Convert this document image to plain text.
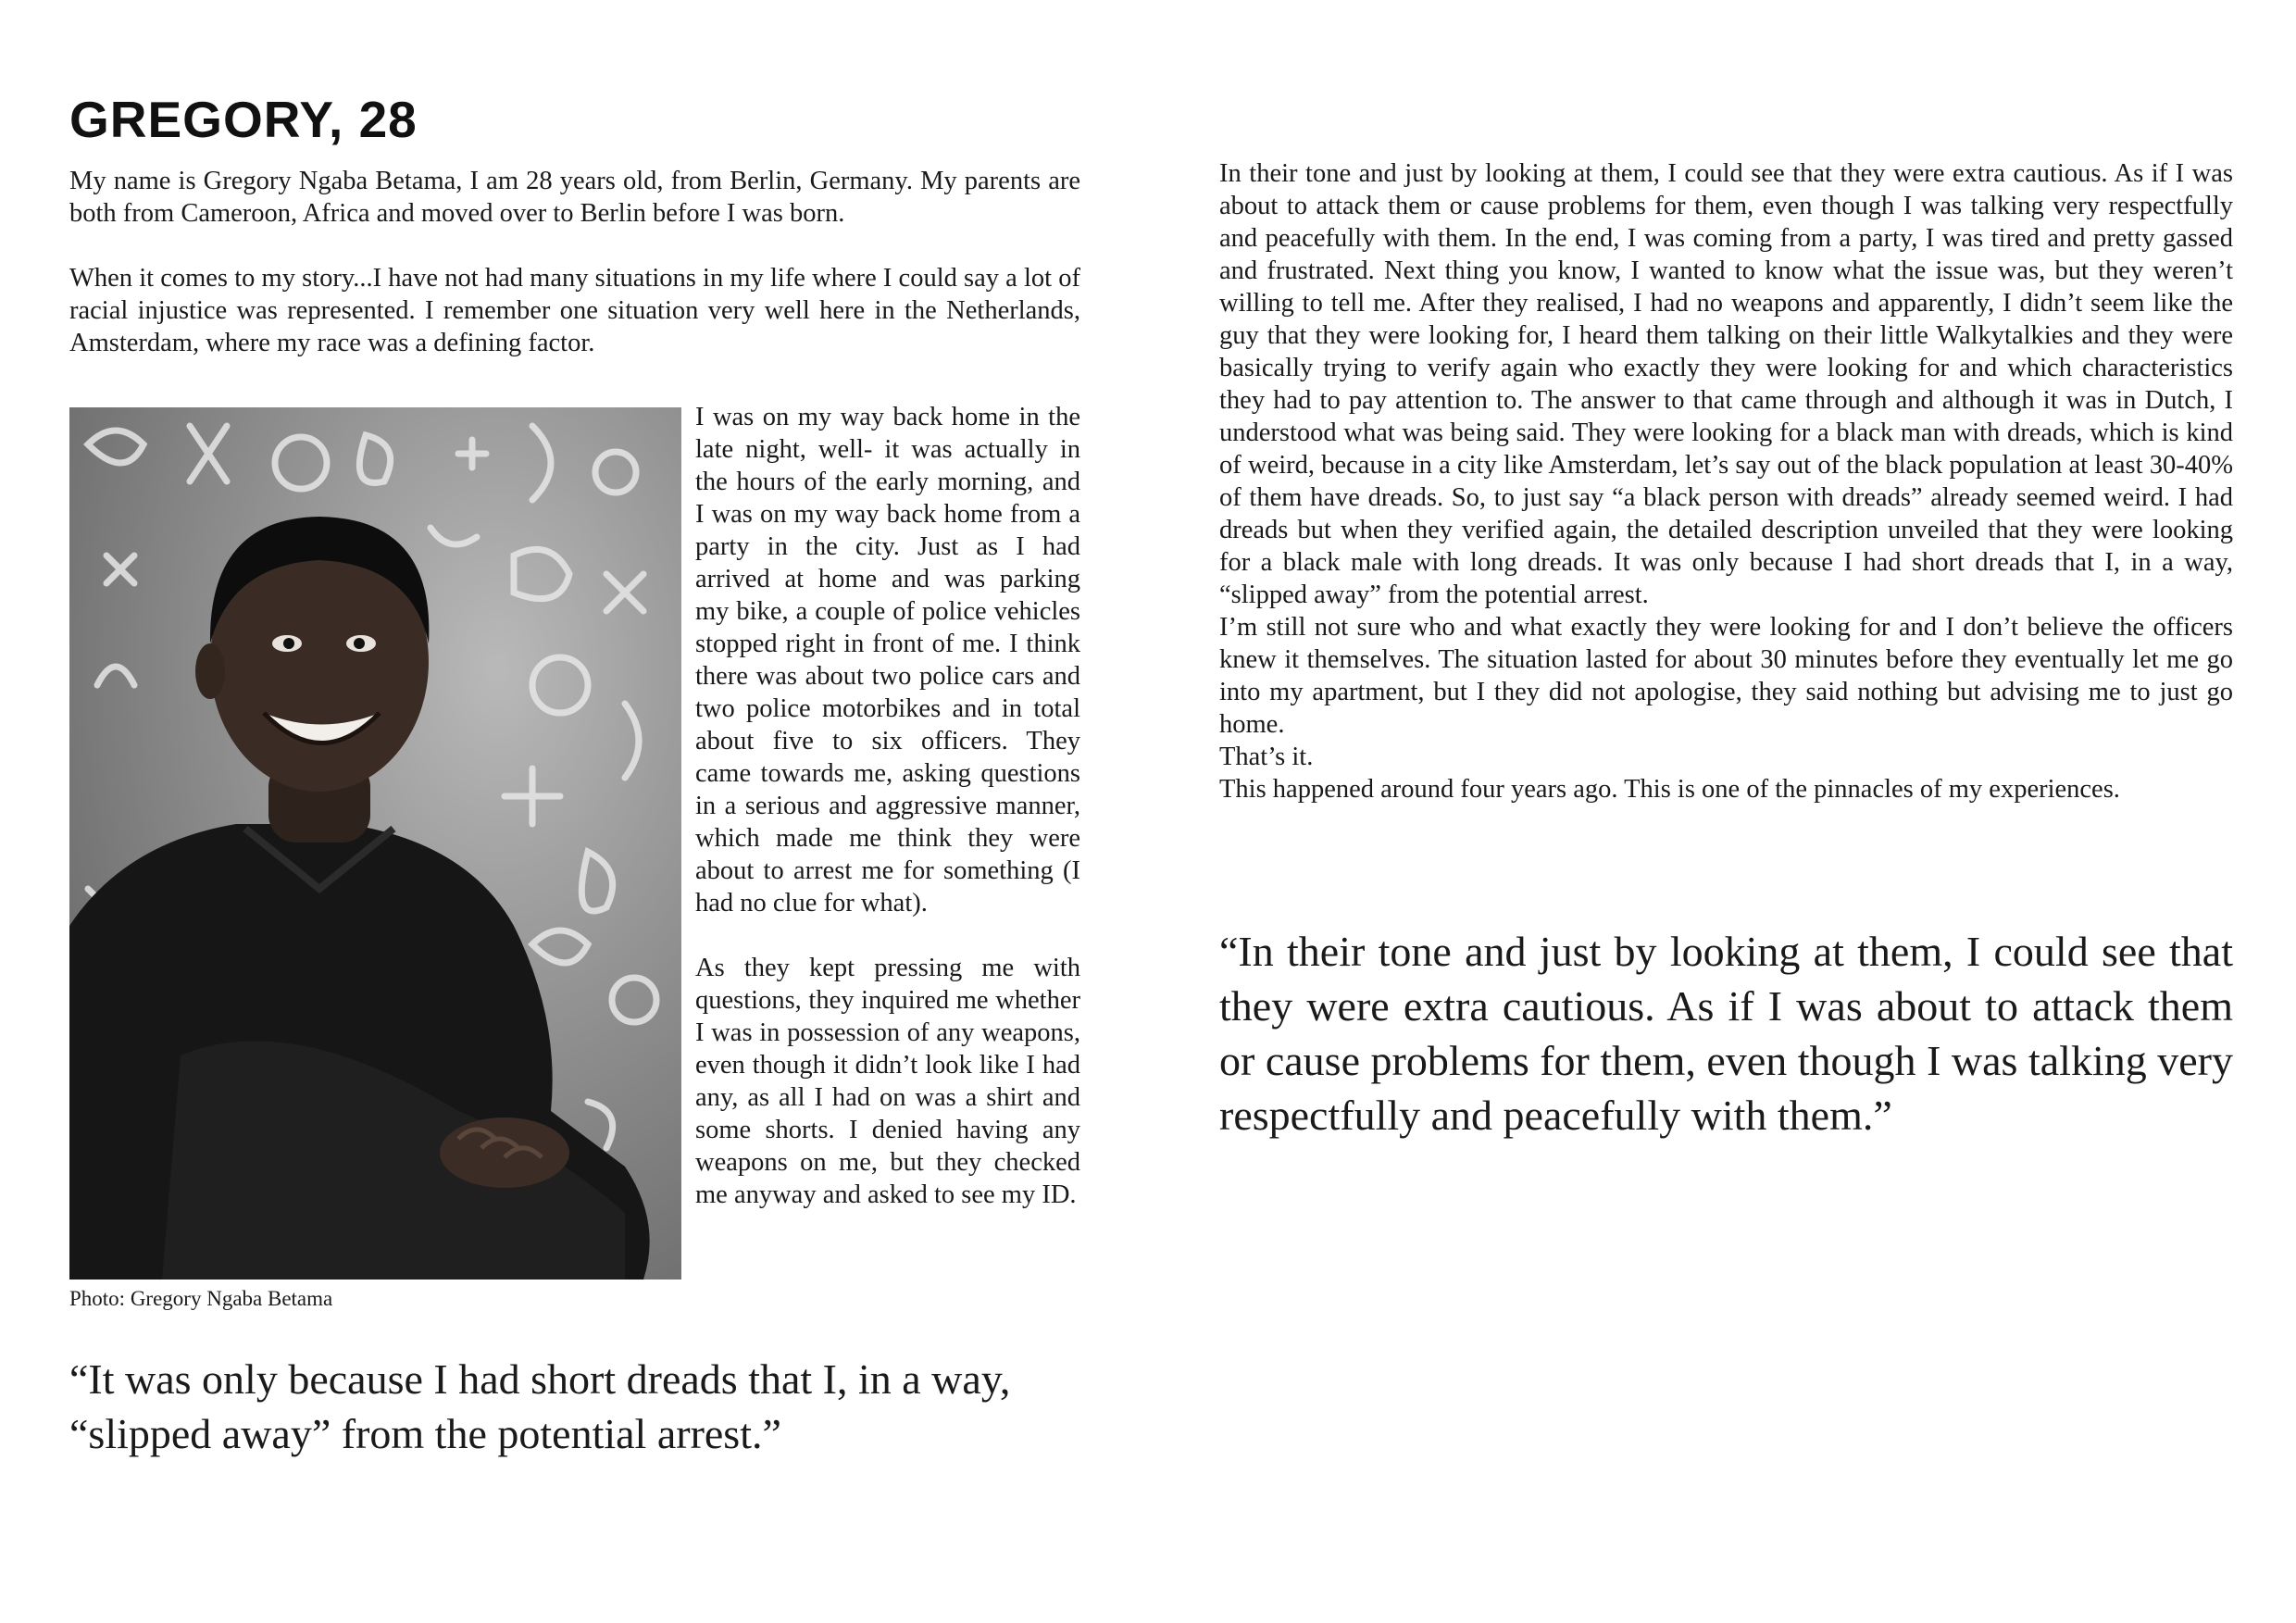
GREGORY, 28

My name is Gregory Ngaba Betama, I am 28 years old, from Berlin, Germany. My parents are both from Cameroon, Africa and moved over to Berlin before I was born.

When it comes to my story...I have not had many situations in my life where I could say a lot of racial injustice was represented. I remember one situation very well here in the Netherlands, Amsterdam, where my race was a defining factor.

Photo: Gregory Ngaba Betama

I was on my way back home in the late night, well- it was actually in the hours of the early morning, and I was on my way back home from a party in the city. Just as I had arrived at home and was parking my bike, a couple of police vehicles stopped right in front of me. I think there was about two police cars and two police motorbikes and in total about five to six officers. They came towards me, asking questions in a serious and aggressive manner, which made me think they were about to arrest me for something (I had no clue for what).

As they kept pressing me with questions, they inquired me whether I was in possession of any weapons, even though it didn’t look like I had any, as all I had on was a shirt and some shorts. I denied having any weapons on me, but they checked me anyway and asked to see my ID.

“It was only because I had short dreads that I, in a way, “slipped away” from the potential arrest.”

In their tone and just by looking at them, I could see that they were extra cautious. As if I was about to attack them or cause problems for them, even though I was talking very respectfully and peacefully with them. In the end, I was coming from a party, I was tired and pretty gassed and frustrated. Next thing you know, I wanted to know what the issue was, but they weren’t willing to tell me. After they realised, I had no weapons and apparently, I didn’t seem like the guy that they were looking for, I heard them talking on their little Walkytalkies and they were basically trying to verify again who exactly they were looking for and which characteristics they had to pay attention to. The answer to that came through and although it was in Dutch, I understood what was being said. They were looking for a black man with dreads, which is kind of weird, because in a city like Amsterdam, let’s say out of the black population at least 30-40% of them have dreads. So, to just say “a black person with dreads” already seemed weird. I had dreads but when they verified again, the detailed description unveiled that they were looking for a black male with long dreads. It was only because I had short dreads that I, in a way, “slipped away” from the potential arrest.

I’m still not sure who and what exactly they were looking for and I don’t believe the officers knew it themselves. The situation lasted for about 30 minutes before they eventually let me go into my apartment, but I they did not apologise, they said nothing but advising me to just go home.

That’s it.

This happened around four years ago. This is one of the pinnacles of my experiences.

“In their tone and just by looking at them, I could see that they were extra cautious. As if I was about to attack them or cause problems for them, even though I was talking very respectfully and peacefully with them.”
